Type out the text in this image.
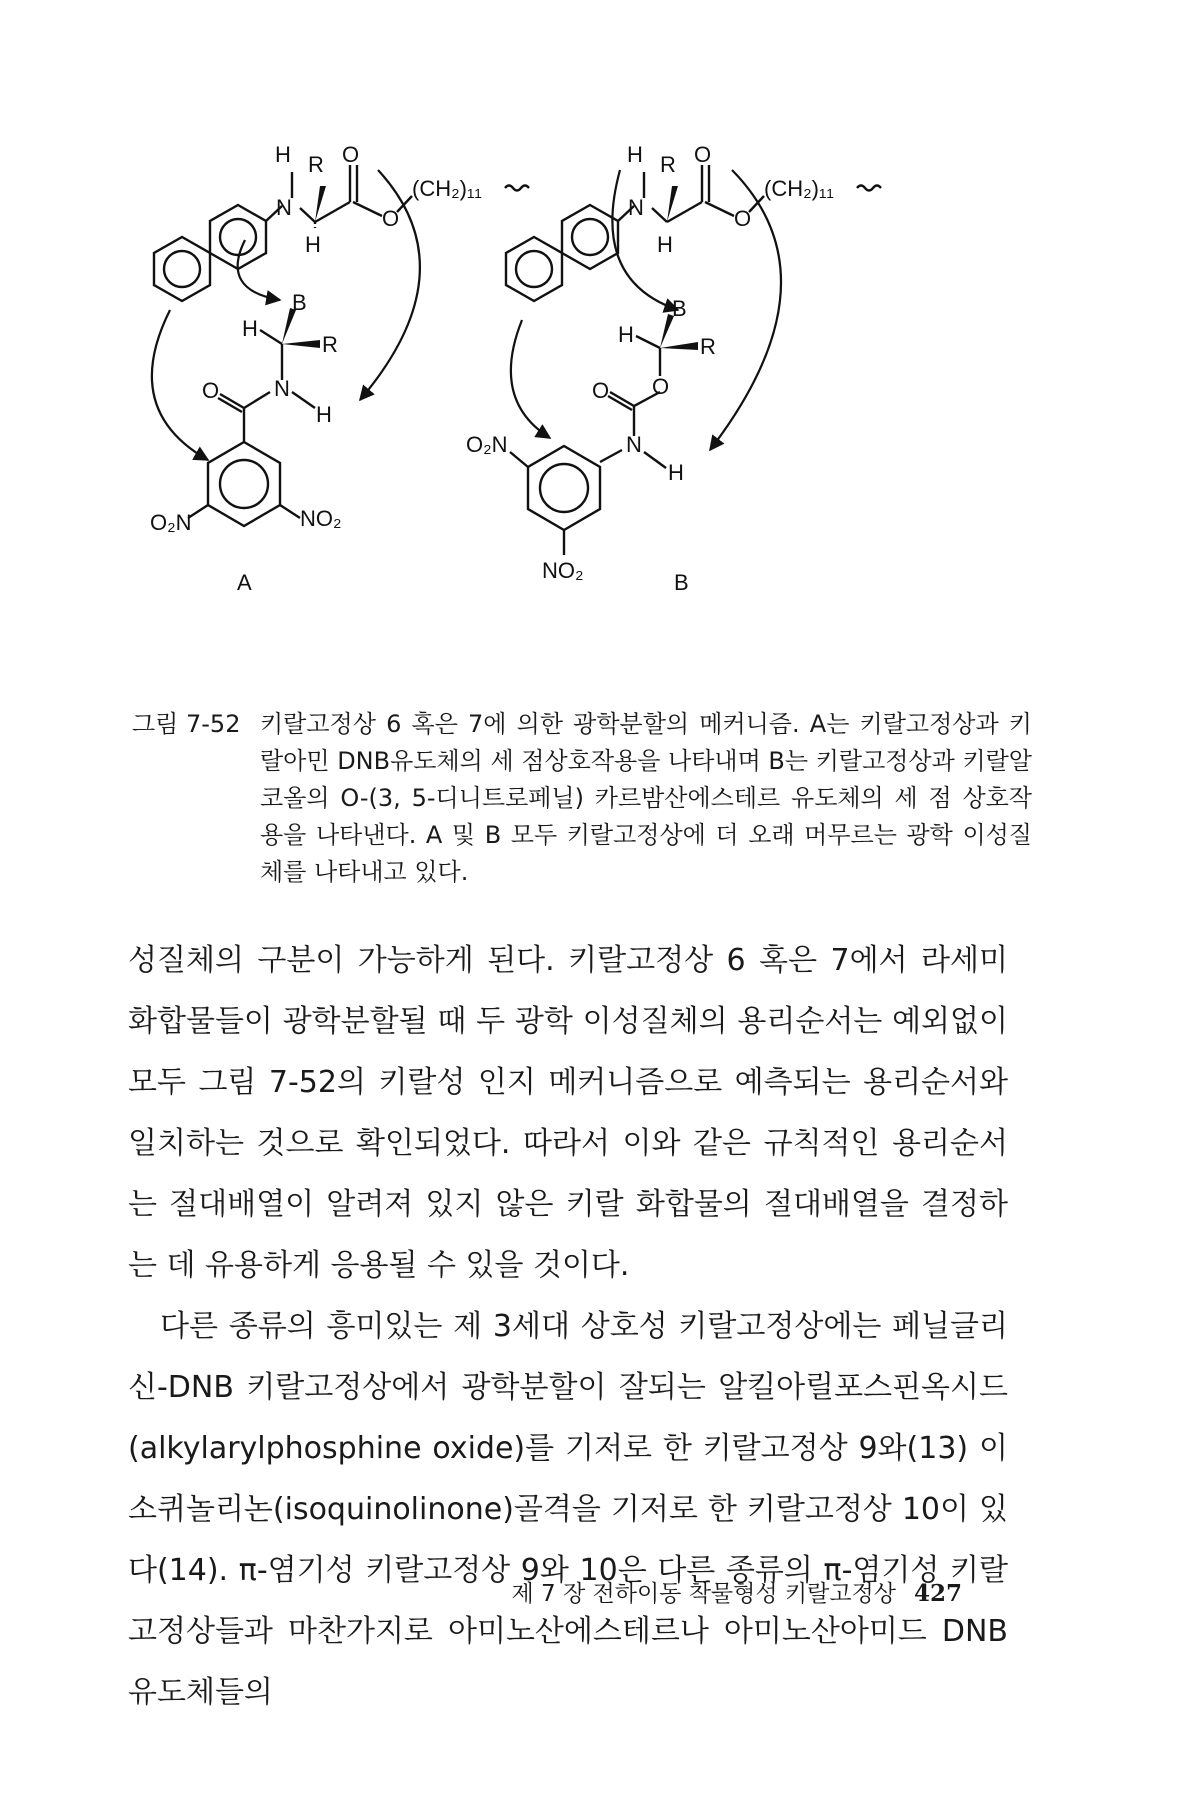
H
N
R O
H
O
(CH₂)₁₁
B
H
R
N
H
O
O₂N	NO₂
A
H
N
R O
H
O
(CH₂)₁₁
B
H	R
O
O
N
H
O₂N
NO₂	B
그림 7-52 키랄고정상 6 혹은 7에 의한 광학분할의 메커니즘. A는 키랄고정상과 키랄아민 DNB유도체의 세 점상호작용을 나타내며 B는 키랄고정상과 키랄알코올의 O-(3, 5-디니트로페닐) 카르밤산에스테르 유도체의 세 점 상호작용을 나타낸다. A 및 B 모두 키랄고정상에 더 오래 머무르는 광학 이성질체를 나타내고 있다.

성질체의 구분이 가능하게 된다. 키랄고정상 6 혹은 7에서 라세미 화합물들이 광학분할될 때 두 광학 이성질체의 용리순서는 예외없이 모두 그림 7-52의 키랄성 인지 메커니즘으로 예측되는 용리순서와 일치하는 것으로 확인되었다. 따라서 이와 같은 규칙적인 용리순서는 절대배열이 알려져 있지 않은 키랄 화합물의 절대배열을 결정하는 데 유용하게 응용될 수 있을 것이다.

다른 종류의 흥미있는 제 3세대 상호성 키랄고정상에는 페닐글리신-DNB 키랄고정상에서 광학분할이 잘되는 알킬아릴포스핀옥시드(alkylarylphosphine oxide)를 기저로 한 키랄고정상 9와(13) 이소퀴놀리논(isoquinolinone)골격을 기저로 한 키랄고정상 10이 있다(14). π-염기성 키랄고정상 9와 10은 다른 종류의 π-염기성 키랄고정상들과 마찬가지로 아미노산에스테르나 아미노산아미드 DNB유도체들의

제 7 장 전하이동 착물형성 키랄고정상 427
